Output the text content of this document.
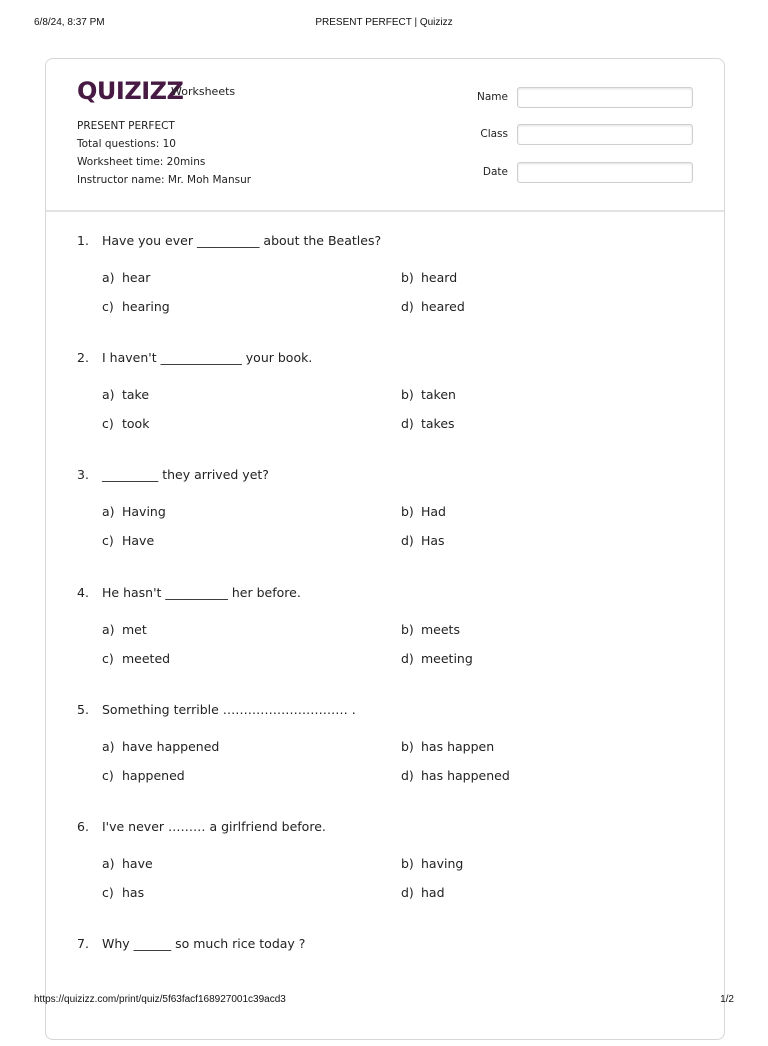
6/8/24, 8:37 PM	PRESENT PERFECT | Quizizz
QUIZIZZ
Worksheets
PRESENT PERFECT
Total questions: 10
Worksheet time: 20mins
Instructor name: Mr. Moh Mansur
Name
Class
Date
1. Have you ever __________ about the Beatles?
a) hear	b) heard
c) hearing	d) heared
2. I haven't _____________ your book.
a) take	b) taken
c) took	d) takes
3. _________ they arrived yet?
a) Having	b) Had
c) Have	d) Has
4. He hasn't __________ her before.
a) met	b) meets
c) meeted	d) meeting
5. Something terrible ………………………… .
a) have happened	b) has happen
c) happened	d) has happened
6. I've never ……… a girlfriend before.
a) have	b) having
c) has	d) had
7. Why ______ so much rice today ?
https://quizizz.com/print/quiz/5f63facf168927001c39acd3	1/2
